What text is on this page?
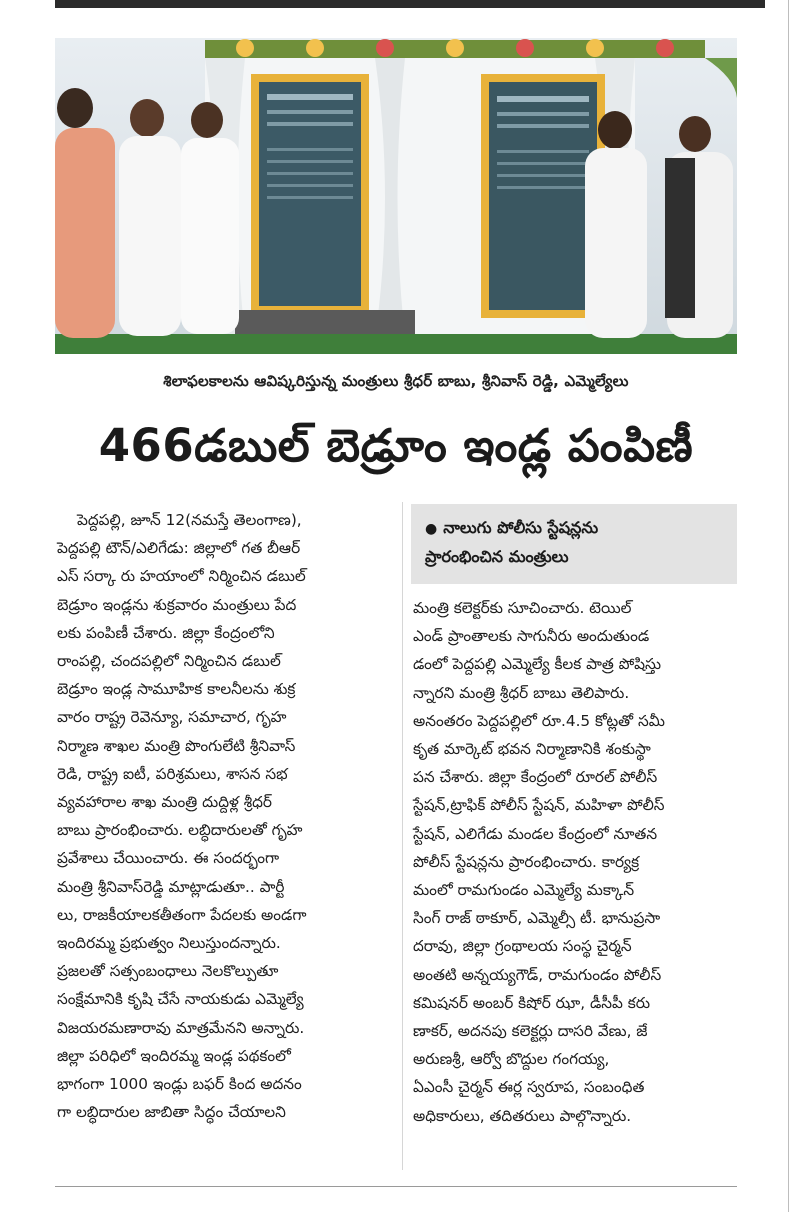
శిలాఫలకాలను ఆవిష్కరిస్తున్న మంత్రులు శ్రీధర్ బాబు, శ్రీనివాస్ రెడ్డి, ఎమ్మెల్యేలు
466డబుల్ బెడ్రూం ఇండ్ల పంపిణీ

● నాలుగు పోలీసు స్టేషన్లను

ప్రారంభించిన మంత్రులు

పెద్దపల్లి, జూన్ 12(నమస్తే తెలంగాణ),

పెద్దపల్లి టౌన్/ఎలిగేడు: జిల్లాలో గత బీఆర్

ఎస్ సర్కా రు హయాంలో నిర్మించిన డబుల్

బెడ్రూం ఇండ్లను శుక్రవారం మంత్రులు పేద

లకు పంపిణీ చేశారు. జిల్లా కేంద్రంలోని

రాంపల్లి, చందపల్లిలో నిర్మించిన డబుల్

బెడ్రూం ఇండ్ల సామూహిక కాలనీలను శుక్ర

వారం రాష్ట్ర రెవెన్యూ, సమాచార, గృహ

నిర్మాణ శాఖల మంత్రి పొంగులేటి శ్రీనివాస్

రెడి, రాష్ట్ర ఐటీ, పరిశ్రమలు, శాసన సభ

వ్యవహారాల శాఖ మంత్రి దుద్దిళ్ల శ్రీధర్

బాబు ప్రారంభించారు. లబ్ధిదారులతో గృహ

ప్రవేశాలు చేయించారు. ఈ సందర్భంగా

మంత్రి శ్రీనివాస్‌రెడ్డి మాట్లాడుతూ.. పార్టీ

లు, రాజకీయాలకతీతంగా పేదలకు అండగా

ఇందిరమ్మ ప్రభుత్వం నిలుస్తుందన్నారు.

ప్రజలతో సత్సంబంధాలు నెలకొల్పుతూ

సంక్షేమానికి కృషి చేసే నాయకుడు ఎమ్మెల్యే

విజయరమణారావు మాత్రమేనని అన్నారు.

జిల్లా పరిధిలో ఇందిరమ్మ ఇండ్ల పథకంలో

భాగంగా 1000 ఇండ్లు బఫర్ కింద అదనం

గా లబ్ధిదారుల జాబితా సిద్ధం చేయాలని

మంత్రి కలెక్టర్‌కు సూచించారు. టెయిల్

ఎండ్ ప్రాంతాలకు సాగునీరు అందుతుండ

డంలో పెద్దపల్లి ఎమ్మెల్యే కీలక పాత్ర పోషిస్తు

న్నారని మంత్రి శ్రీధర్ బాబు తెలిపారు.

అనంతరం పెద్దపల్లిలో రూ.4.5 కోట్లతో సమీ

కృత మార్కెట్ భవన నిర్మాణానికి శంకుస్థా

పన చేశారు. జిల్లా కేంద్రంలో రూరల్ పోలీస్

స్టేషన్,ట్రాఫిక్ పోలీస్ స్టేషన్, మహిళా పోలీస్

స్టేషన్, ఎలిగేడు మండల కేంద్రంలో నూతన

పోలీస్ స్టేషన్లను ప్రారంభించారు. కార్యక్ర

మంలో రామగుండం ఎమ్మెల్యే మక్కాన్

సింగ్ రాజ్ ఠాకూర్, ఎమ్మెల్సీ టీ. భానుప్రసా

దరావు, జిల్లా గ్రంథాలయ సంస్థ చైర్మన్

అంతటి అన్నయ్యగౌడ్, రామగుండం పోలీస్

కమిషనర్ అంబర్ కిషోర్ ఝా, డీసీపీ కరు

ణాకర్, అదనపు కలెక్టర్లు దాసరి వేణు, జే

అరుణశ్రీ, ఆర్వో బొద్దుల గంగయ్య,

ఏఎంసీ చైర్మన్ ఈర్ల స్వరూప, సంబంధిత

అధికారులు, తదితరులు పాల్గొన్నారు.
